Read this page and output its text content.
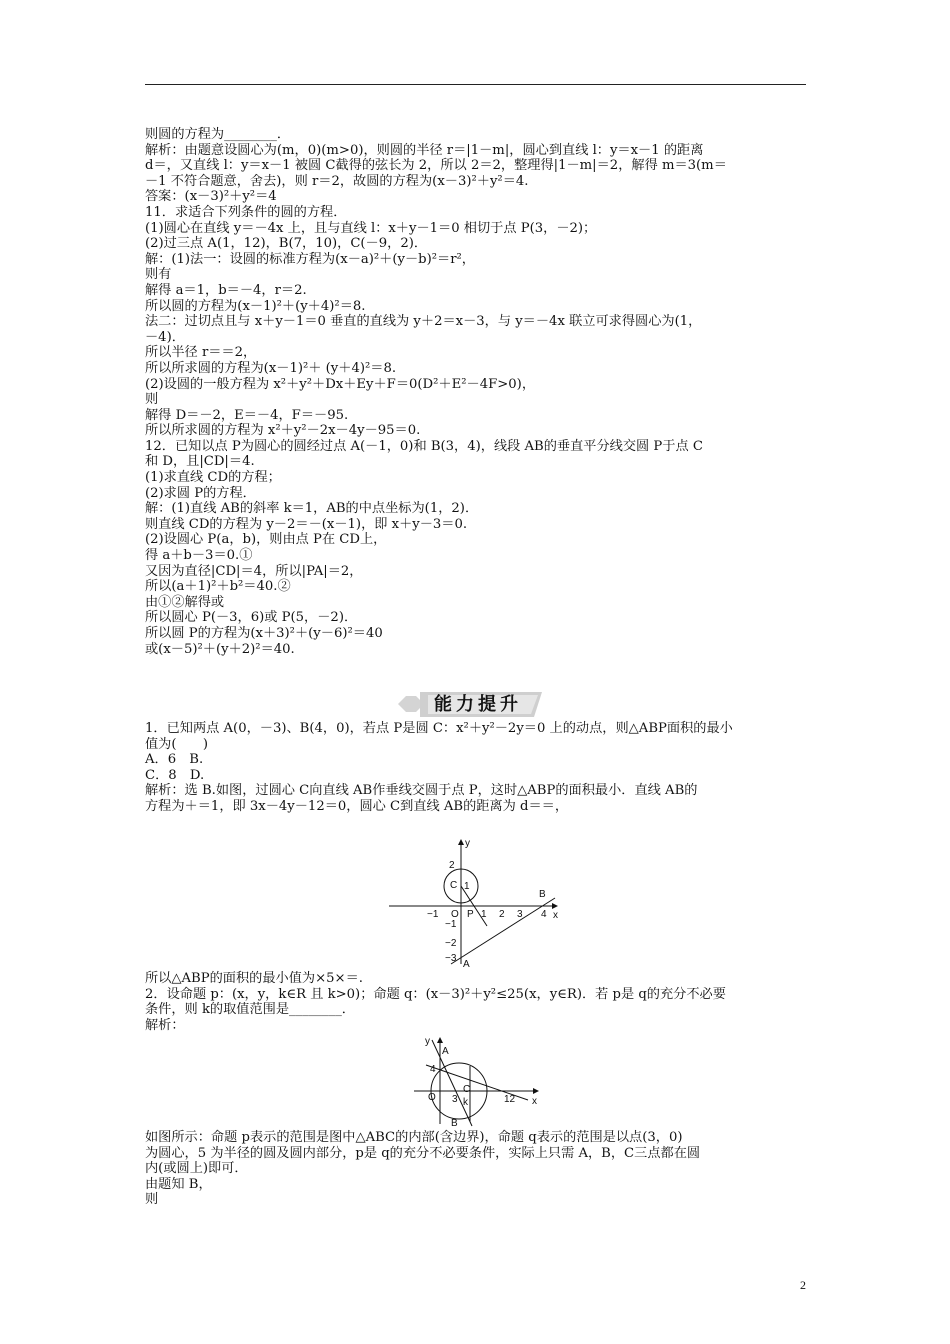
则圆的方程为________．
解析：由题意设圆心为(m，0)(m>0)，则圆的半径 r＝|1－m|，圆心到直线 l：y＝x－1 的距离
d＝，又直线 l：y＝x－1 被圆 C截得的弦长为 2，所以 2＝2，整理得|1－m|＝2，解得 m＝3(m＝
－1 不符合题意，舍去)，则 r＝2，故圆的方程为(x－3)²＋y²＝4.
答案：(x－3)²＋y²＝4
11．求适合下列条件的圆的方程．
(1)圆心在直线 y＝－4x 上，且与直线 l：x＋y－1＝0 相切于点 P(3，－2)；
(2)过三点 A(1，12)，B(7，10)，C(－9，2)．
解：(1)法一：设圆的标准方程为(x－a)²＋(y－b)²＝r²，
则有
解得 a＝1，b＝－4，r＝2.
所以圆的方程为(x－1)²＋(y＋4)²＝8.
法二：过切点且与 x＋y－1＝0 垂直的直线为 y＋2＝x－3，与 y＝－4x 联立可求得圆心为(1，
－4)．
所以半径 r＝＝2，
所以所求圆的方程为(x－1)²＋ (y＋4)²＝8.
(2)设圆的一般方程为 x²＋y²＋Dx＋Ey＋F＝0(D²＋E²－4F>0)，
则
解得 D＝－2，E＝－4，F＝－95.
所以所求圆的方程为 x²＋y²－2x－4y－95＝0.
12．已知以点 P为圆心的圆经过点 A(－1，0)和 B(3，4)，线段 AB的垂直平分线交圆 P于点 C
和 D，且|CD|＝4.
(1)求直线 CD的方程；
(2)求圆 P的方程．
解：(1)直线 AB的斜率 k＝1，AB的中点坐标为(1，2)．
则直线 CD的方程为 y－2＝－(x－1)，即 x＋y－3＝0.
(2)设圆心 P(a，b)，则由点 P在 CD上，
得 a＋b－3＝0.①
又因为直径|CD|＝4，所以|PA|＝2，
所以(a＋1)²＋b²＝40.②
由①②解得或
所以圆心 P(－3，6)或 P(5，－2)．
所以圆 P的方程为(x＋3)²＋(y－6)²＝40
或(x－5)²＋(y＋2)²＝40.
能力提升
1．已知两点 A(0，－3)、B(4，0)，若点 P是圆 C：x²＋y²－2y＝0 上的动点，则△ABP面积的最小
值为(　　)
A．6　B.
C．8　D.
解析：选 B.如图，过圆心 C向直线 AB作垂线交圆于点 P，这时△ABP的面积最小．直线 AB的
方程为＋＝1，即 3x－4y－12＝0，圆心 C到直线 AB的距离为 d＝＝，
y
x
2
1
−1
−2
−3
−1	1 2 3 4
O
C
P
A
B
所以△ABP的面积的最小值为×5×＝.
2．设命题 p：(x，y，k∈R 且 k>0)；命题 q：(x－3)²＋y²≤25(x，y∈R)．若 p是 q的充分不必要
条件，则 k的取值范围是________．
解析：
y
x
A
4
O 3
C
k
B
12
如图所示：命题 p表示的范围是图中△ABC的内部(含边界)，命题 q表示的范围是以点(3，0)
为圆心，5 为半径的圆及圆内部分，p是 q的充分不必要条件，实际上只需 A，B，C三点都在圆
内(或圆上)即可．
由题知 B，
则
2
